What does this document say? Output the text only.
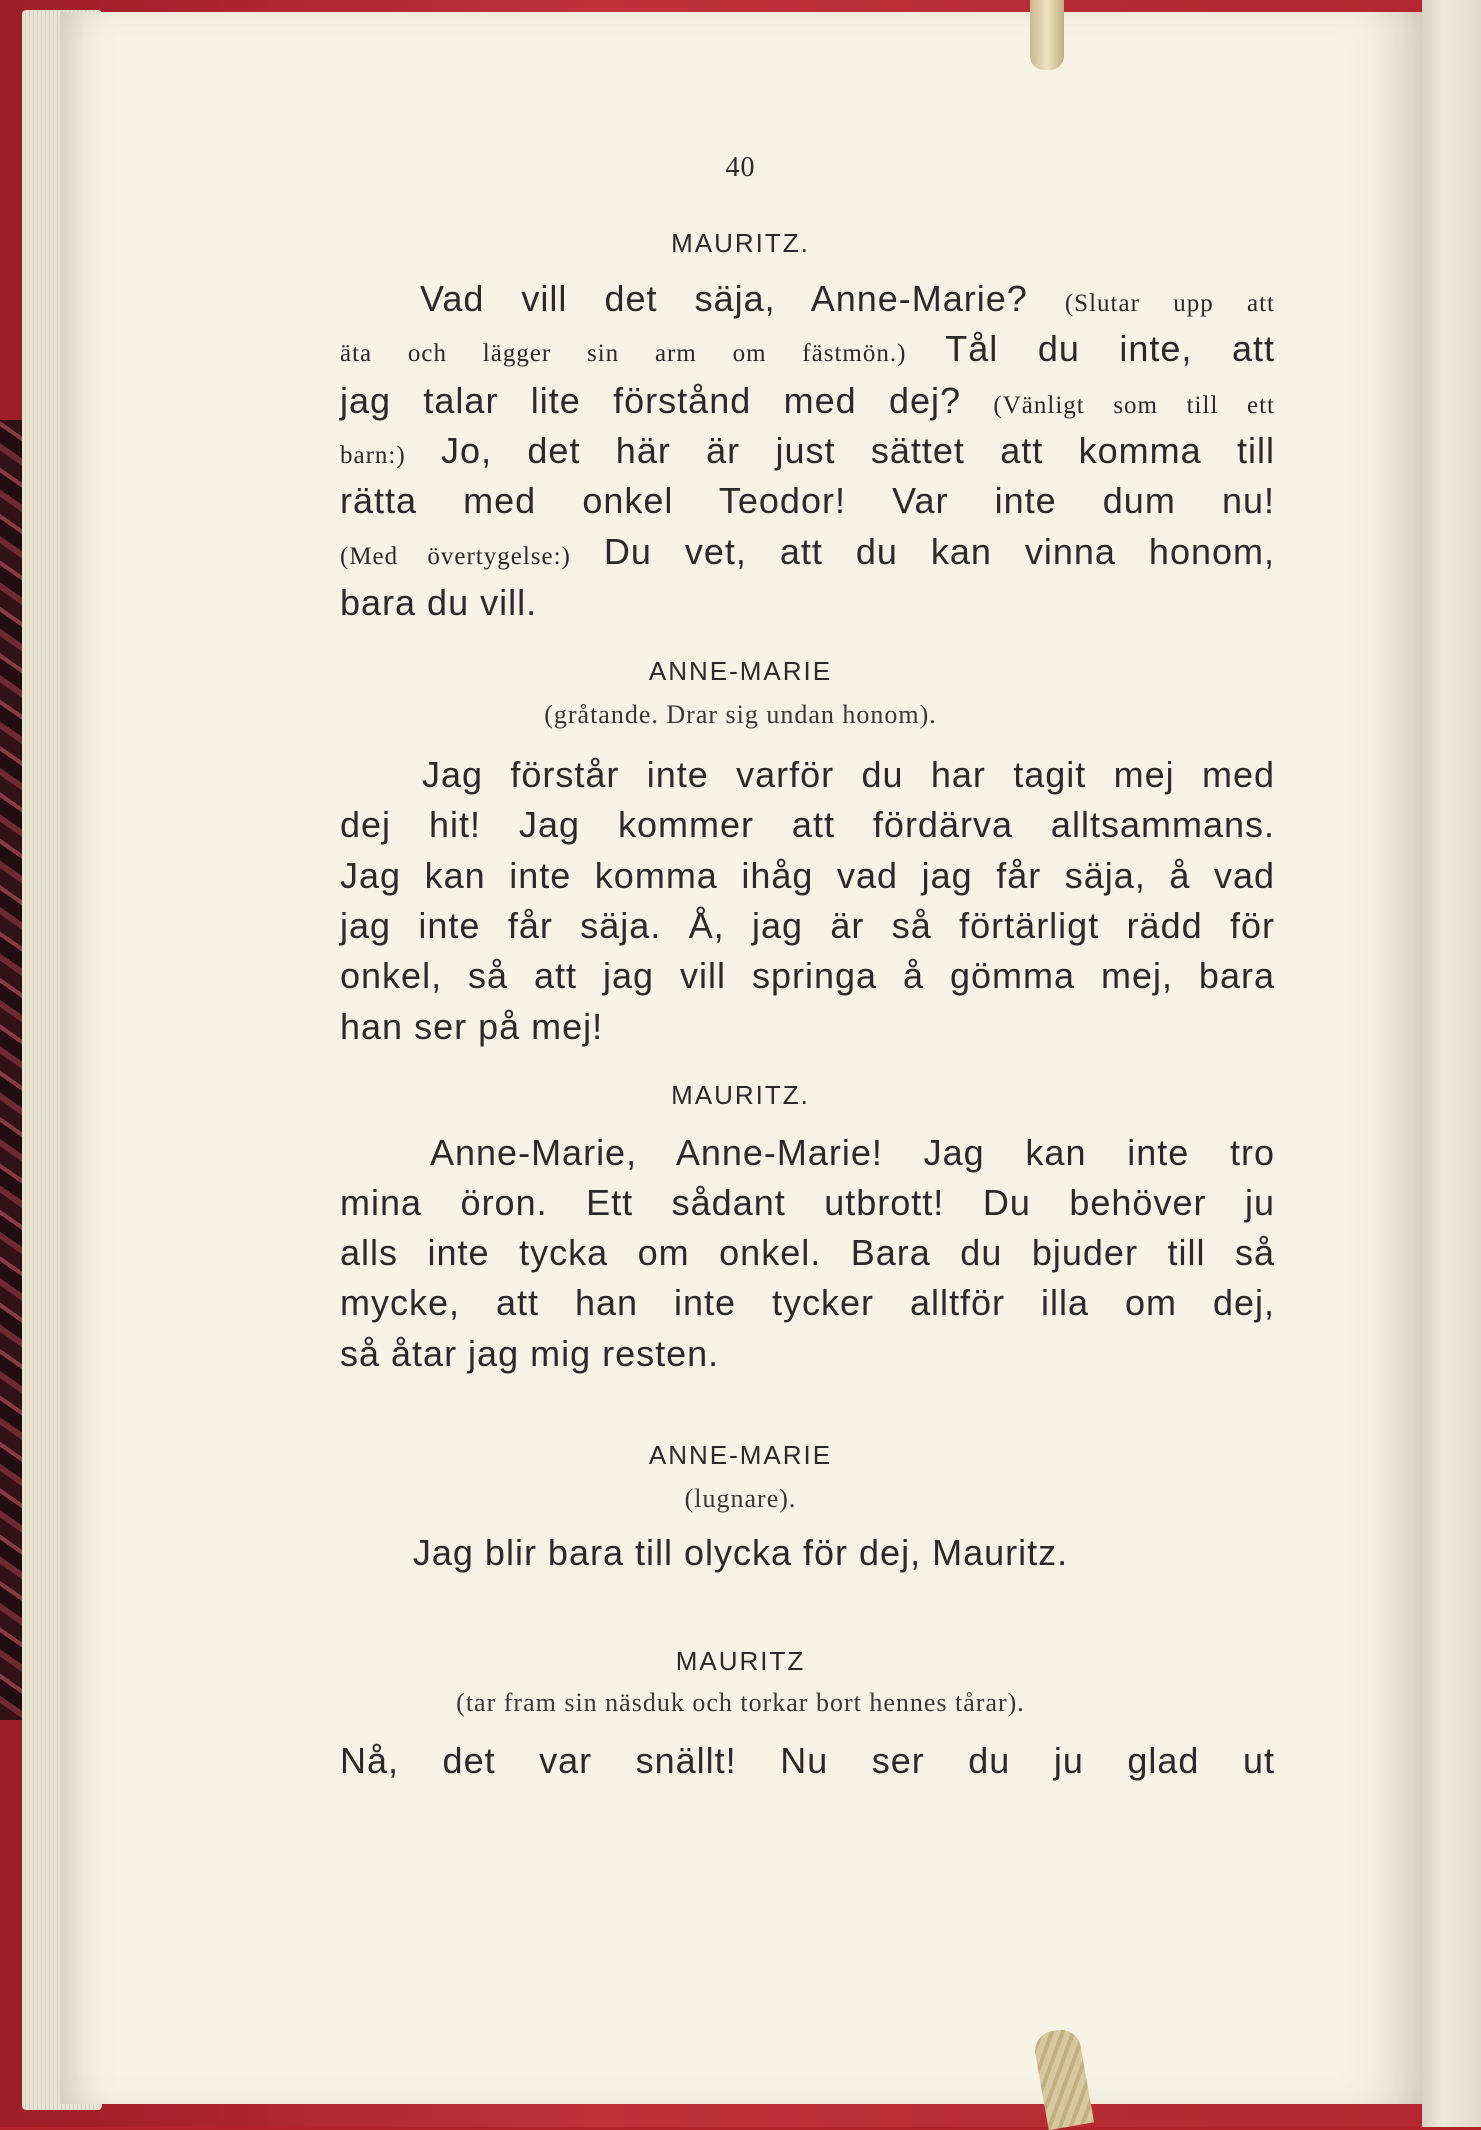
40
MAURITZ.
Vad vill det säja, Anne-Marie? (Slutar upp att
äta och lägger sin arm om fästmön.) Tål du inte, att
jag talar lite förstånd med dej? (Vänligt som till ett
barn:) Jo, det här är just sättet att komma till
rätta med onkel Teodor! Var inte dum nu!
(Med övertygelse:) Du vet, att du kan vinna honom,
bara du vill.
ANNE-MARIE
(gråtande. Drar sig undan honom).
Jag förstår inte varför du har tagit mej med
dej hit! Jag kommer att fördärva alltsammans.
Jag kan inte komma ihåg vad jag får säja, å vad
jag inte får säja. Å, jag är så förtärligt rädd för
onkel, så att jag vill springa å gömma mej, bara
han ser på mej!
MAURITZ.
Anne-Marie, Anne-Marie! Jag kan inte tro
mina öron. Ett sådant utbrott! Du behöver ju
alls inte tycka om onkel. Bara du bjuder till så
mycke, att han inte tycker alltför illa om dej,
så åtar jag mig resten.
ANNE-MARIE
(lugnare).
Jag blir bara till olycka för dej, Mauritz.
MAURITZ
(tar fram sin näsduk och torkar bort hennes tårar).
Nå, det var snällt! Nu ser du ju glad ut
